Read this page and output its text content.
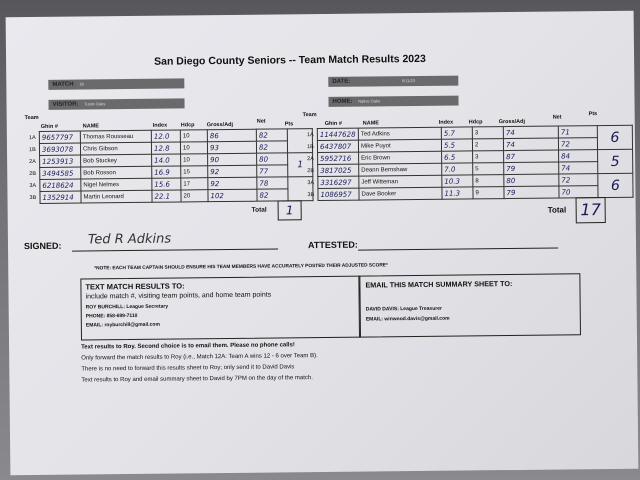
San Diego County Seniors -- Team Match Results 2023
MATCH 18
VISITOR: Tustin Oaks
DATE:	5/11/23
HOME: Native Oaks
Team
Ghin #	NAME	Index Hdcp Gross/Adj
Net	Pts
1A	9657797	Thomas Rousseau	12.0	10	86	82	
1B	3693078	Chris Gibson	12.8	10	93	82	
2A	1253913	Bob Stuckey	14.0	10	90	80	1
2B	3494585	Bob Rosson	16.9	15	92	77	
3A	6218624	Nigel Nelmes	15.6	17	92	78	
3B	1352914	Martin Leonard	22.1	20	102	82	
Total	1
Team
Ghin #	NAME	Index	Hdcp	Gross/Adj
Net
Pts
1A	11447628	Ted Adkins	5.7	3	74	71	6
1B	6437807	Mike Puyot	5.5	2	74	72	
2A	5952716	Eric Brown	6.5	3	87	84	5
2B	3817025	Deann Bernshaw	7.0	5	79	74	
3A	3316297	Jeff Witteman	10.3	8	80	72	6
3B	1086957	Dave Booker	11.3	9	79	70	
Total 17
SIGNED: Ted R Adkins	ATTESTED:
*NOTE: EACH TEAM CAPTAIN SHOULD ENSURE HIS TEAM MEMBERS HAVE ACCURATELY POSTED THEIR ADJUSTED SCORE*
TEXT MATCH RESULTS TO:
include match #, visiting team points, and home team points
ROY BURCHILL: League Secretary
PHONE: 858-699-7110
EMAIL: royburchill@gmail.com
EMAIL THIS MATCH SUMMARY SHEET TO:
DAVID DAVIS: League Treasurer
EMAIL: winwood.davis@gmail.com
Text results to Roy. Second choice is to email them. Please no phone calls!
Only forward the match results to Roy (i.e., Match 12A: Team A wins 12 - 6 over Team B).
There is no need to forward this results sheet to Roy; only send it to David Davis
Text results to Roy and email summary sheet to David by 7PM on the day of the match.
